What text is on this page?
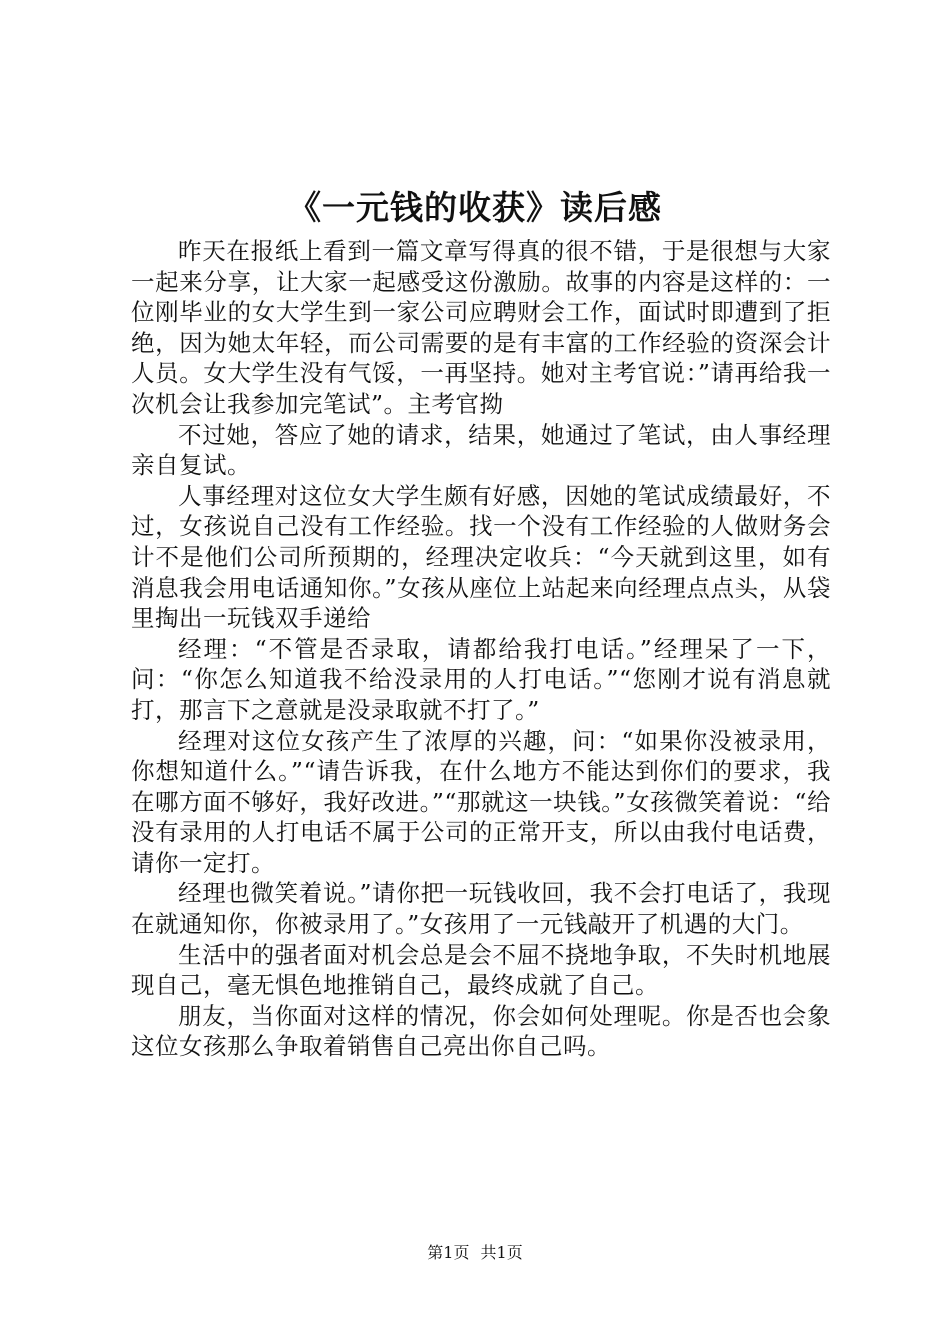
《一元钱的收获》读后感

昨天在报纸上看到一篇文章写得真的很不错，于是很想与大家一起来分享，让大家一起感受这份激励。故事的内容是这样的：一位刚毕业的女大学生到一家公司应聘财会工作，面试时即遭到了拒绝，因为她太年轻，而公司需要的是有丰富的工作经验的资深会计人员。女大学生没有气馁，一再坚持。她对主考官说：”请再给我一次机会让我参加完笔试”。主考官拗

不过她，答应了她的请求，结果，她通过了笔试，由人事经理亲自复试。

人事经理对这位女大学生颇有好感，因她的笔试成绩最好，不过，女孩说自己没有工作经验。找一个没有工作经验的人做财务会计不是他们公司所预期的，经理决定收兵：“今天就到这里，如有消息我会用电话通知你。”女孩从座位上站起来向经理点点头，从袋里掏出一玩钱双手递给

经理：“不管是否录取，请都给我打电话。”经理呆了一下，问：“你怎么知道我不给没录用的人打电话。”“您刚才说有消息就打，那言下之意就是没录取就不打了。”

经理对这位女孩产生了浓厚的兴趣，问：“如果你没被录用，你想知道什么。”“请告诉我，在什么地方不能达到你们的要求，我在哪方面不够好，我好改进。”“那就这一块钱。”女孩微笑着说：“给没有录用的人打电话不属于公司的正常开支，所以由我付电话费，请你一定打。

经理也微笑着说。”请你把一玩钱收回，我不会打电话了，我现在就通知你，你被录用了。”女孩用了一元钱敲开了机遇的大门。

生活中的强者面对机会总是会不屈不挠地争取，不失时机地展现自己，毫无惧色地推销自己，最终成就了自己。

朋友，当你面对这样的情况，你会如何处理呢。你是否也会象这位女孩那么争取着销售自己亮出你自己吗。

第1页 共1页
